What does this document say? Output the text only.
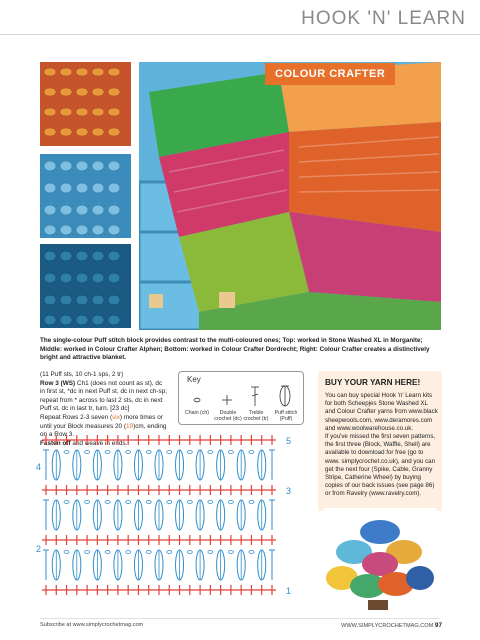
HOOK 'N' LEARN
COLOUR CRAFTER
The single-colour Puff stitch block provides contrast to the multi-coloured ones; Top: worked in Stone Washed XL in Morganite; Middle: worked in Colour Crafter Alphen; Bottom: worked in Colour Crafter Dordrecht; Right: Colour Crafter creates a distinctively bright and attractive blanket.

(11 Puff sts, 10 ch-1 sps, 2 tr)

Row 3 (WS) Ch1 (does not count as st), dc in first st, *dc in next Puff st, dc in next ch-sp; repeat from * across to last 2 sts, dc in next Puff st, dc in last tr, turn. [23 dc]

Repeat Rows 2-3 seven (six) more times or until your Block measures 20 (19)cm, ending on a Row 3.

Fasten off and weave in ends.

Key
Chain (ch)	Double crochet (dc)
Treble crochet (tr)
Puff stitch (Puff)
BUY YOUR YARN HERE!

You can buy special Hook 'n' Learn kits for both Scheepjes Stone Washed XL and Colour Crafter yarns from www.black sheepwools.com, www.deramores.com and www.woolwarehouse.co.uk.

If you've missed the first seven patterns, the first three (Block, Waffle, Shell) are available to download for free (go to www. simplycrochet.co.uk), and you can get the next four (Spike, Cable, Granny Stripe, Catherine Wheel) by buying copies of our back issues (see page 86) or from Ravelry (www.ravelry.com).

5
4
3
2
1
Subscribe at www.simplycrochetmag.com	WWW.SIMPLYCROCHETMAG.COM 97
